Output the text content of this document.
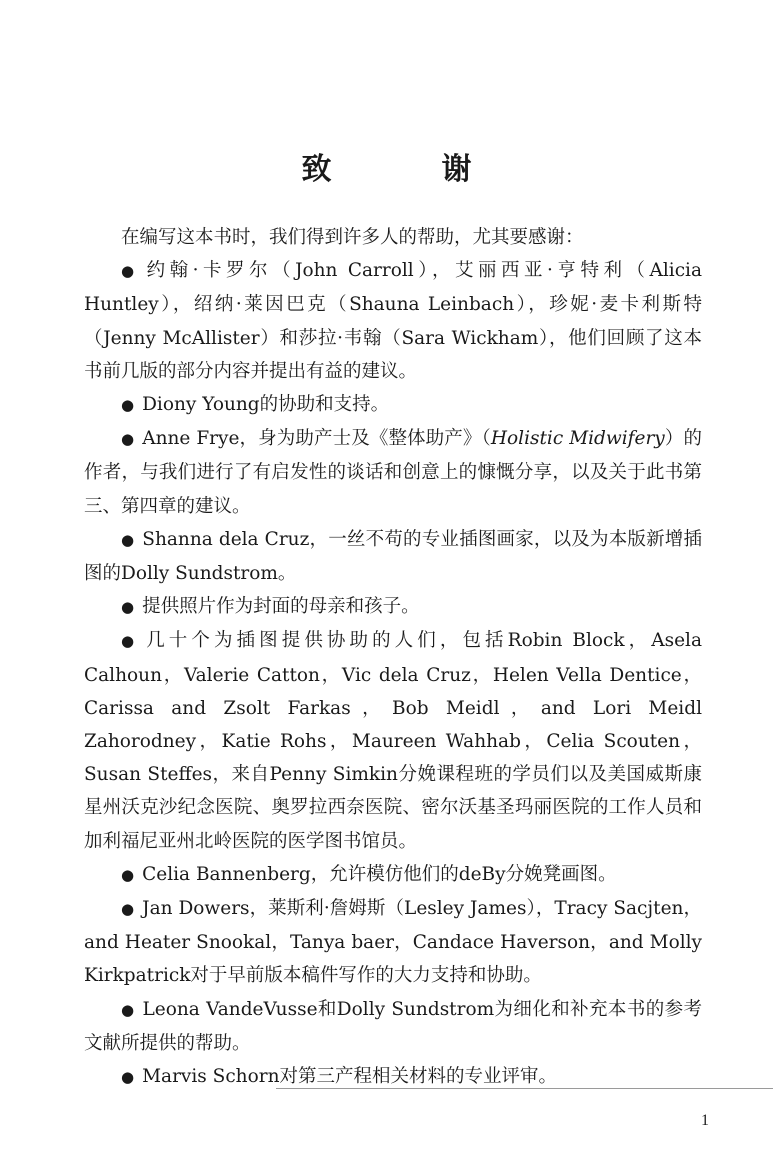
致　谢

在编写这本书时，我们得到许多人的帮助，尤其要感谢：

● 约翰·卡罗尔（John Carroll），艾丽西亚·亨特利（Alicia Huntley），绍纳·莱因巴克（Shauna Leinbach），珍妮·麦卡利斯特（Jenny McAllister）和莎拉·韦翰（Sara Wickham），他们回顾了这本书前几版的部分内容并提出有益的建议。

● Diony Young的协助和支持。

● Anne Frye，身为助产士及《整体助产》（Holistic Midwifery）的作者，与我们进行了有启发性的谈话和创意上的慷慨分享，以及关于此书第三、第四章的建议。

● Shanna dela Cruz，一丝不苟的专业插图画家，以及为本版新增插图的Dolly Sundstrom。

● 提供照片作为封面的母亲和孩子。

● 几十个为插图提供协助的人们，包括Robin Block，Asela Calhoun，Valerie Catton，Vic dela Cruz，Helen Vella Dentice，Carissa and Zsolt Farkas，Bob Meidl，and Lori Meidl Zahorodney，Katie Rohs，Maureen Wahhab，Celia Scouten，Susan Steffes，来自Penny Simkin分娩课程班的学员们以及美国威斯康星州沃克沙纪念医院、奥罗拉西奈医院、密尔沃基圣玛丽医院的工作人员和加利福尼亚州北岭医院的医学图书馆员。

● Celia Bannenberg，允许模仿他们的deBy分娩凳画图。

● Jan Dowers，莱斯利·詹姆斯（Lesley James），Tracy Sacjten，and Heater Snookal，Tanya baer，Candace Haverson，and Molly Kirkpatrick对于早前版本稿件写作的大力支持和协助。

● Leona VandeVusse和Dolly Sundstrom为细化和补充本书的参考文献所提供的帮助。

● Marvis Schorn对第三产程相关材料的专业评审。

1
